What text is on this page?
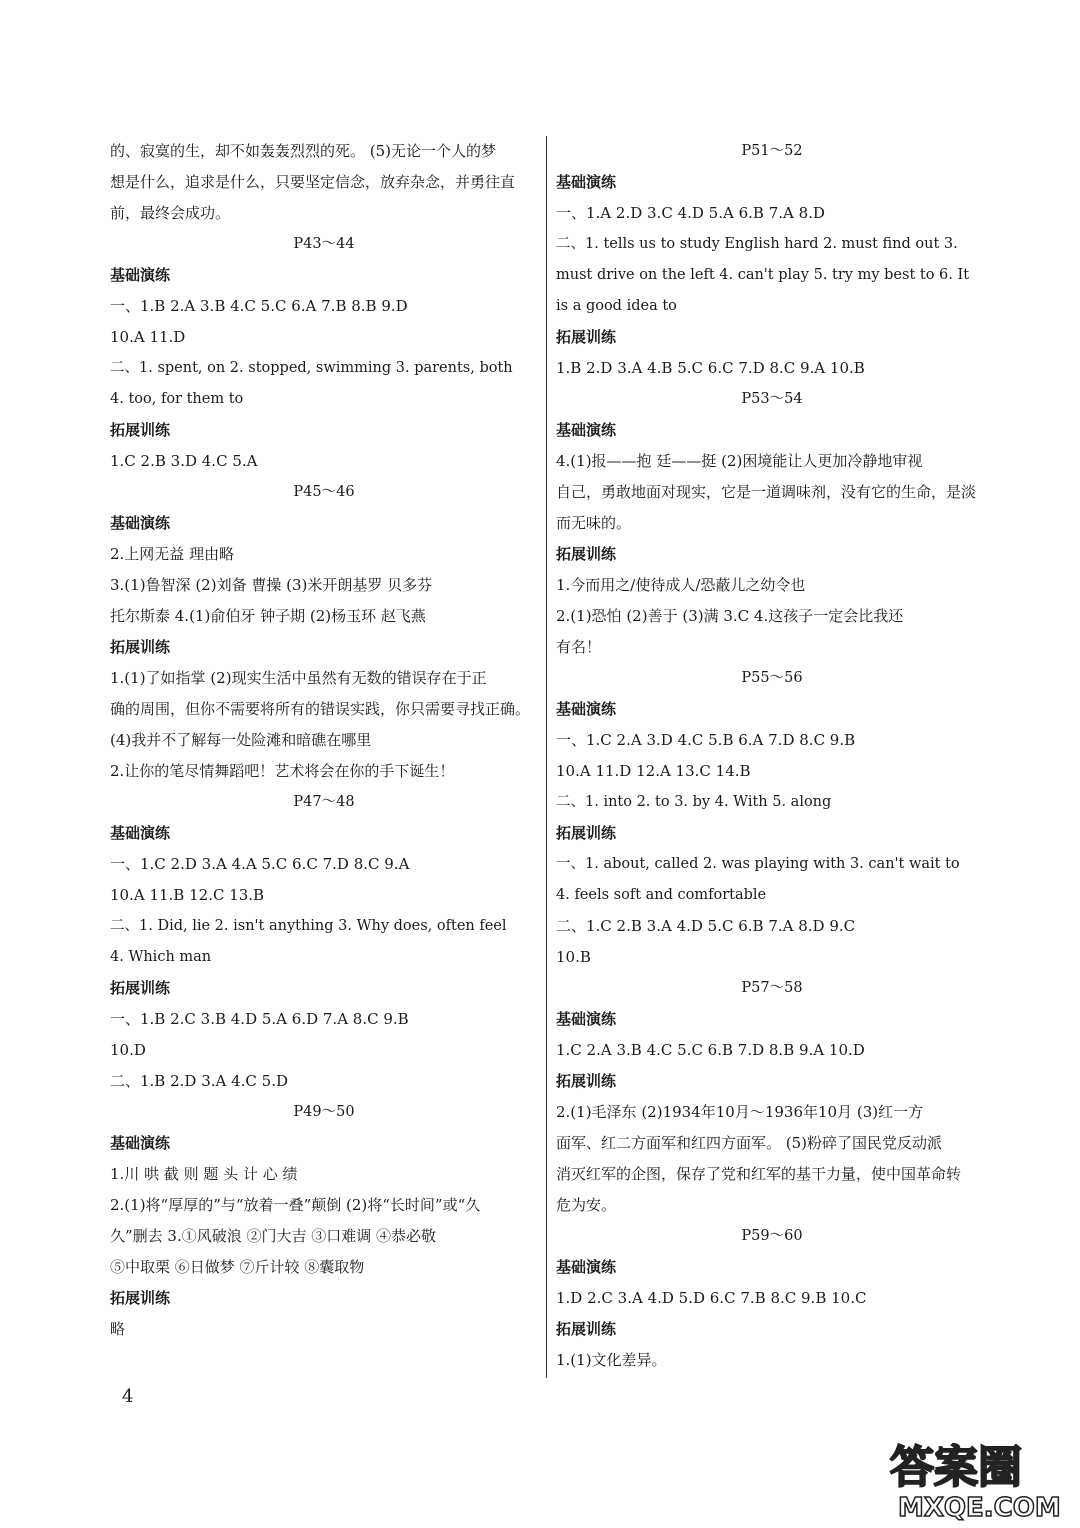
的、寂寞的生，却不如轰轰烈烈的死。 (5)无论一个人的梦
想是什么，追求是什么，只要坚定信念，放弃杂念，并勇往直
前，最终会成功。
P43～44
基础演练
一、1.B 2.A 3.B 4.C 5.C 6.A 7.B 8.B 9.D
10.A 11.D
二、1. spent, on 2. stopped, swimming 3. parents, both
4. too, for them to
拓展训练
1.C 2.B 3.D 4.C 5.A
P45～46
基础演练
2.上网无益 理由略
3.(1)鲁智深 (2)刘备 曹操 (3)米开朗基罗 贝多芬
托尔斯泰 4.(1)俞伯牙 钟子期 (2)杨玉环 赵飞燕
拓展训练
1.(1)了如指掌 (2)现实生活中虽然有无数的错误存在于正
确的周围，但你不需要将所有的错误实践，你只需要寻找正确。
(4)我并不了解每一处险滩和暗礁在哪里
2.让你的笔尽情舞蹈吧！艺术将会在你的手下诞生！
P47～48
基础演练
一、1.C 2.D 3.A 4.A 5.C 6.C 7.D 8.C 9.A
10.A 11.B 12.C 13.B
二、1. Did, lie 2. isn't anything 3. Why does, often feel
4. Which man
拓展训练
一、1.B 2.C 3.B 4.D 5.A 6.D 7.A 8.C 9.B
10.D
二、1.B 2.D 3.A 4.C 5.D
P49～50
基础演练
1.川 哄 截 则 题 头 计 心 绩
2.(1)将“厚厚的”与“放着一叠”颠倒 (2)将“长时间”或“久
久”删去 3.①风破浪 ②门大吉 ③口难调 ④恭必敬
⑤中取栗 ⑥日做梦 ⑦斤计较 ⑧囊取物
拓展训练
略
P51～52
基础演练
一、1.A 2.D 3.C 4.D 5.A 6.B 7.A 8.D
二、1. tells us to study English hard 2. must find out 3.
must drive on the left 4. can't play 5. try my best to 6. It
is a good idea to
拓展训练
1.B 2.D 3.A 4.B 5.C 6.C 7.D 8.C 9.A 10.B
P53～54
基础演练
4.(1)报——抱 廷——挺 (2)困境能让人更加冷静地审视
自己，勇敢地面对现实，它是一道调味剂，没有它的生命，是淡
而无味的。
拓展训练
1.今而用之/使待成人/恐蔽儿之幼令也
2.(1)恐怕 (2)善于 (3)满 3.C 4.这孩子一定会比我还
有名！
P55～56
基础演练
一、1.C 2.A 3.D 4.C 5.B 6.A 7.D 8.C 9.B
10.A 11.D 12.A 13.C 14.B
二、1. into 2. to 3. by 4. With 5. along
拓展训练
一、1. about, called 2. was playing with 3. can't wait to
4. feels soft and comfortable
二、1.C 2.B 3.A 4.D 5.C 6.B 7.A 8.D 9.C
10.B
P57～58
基础演练
1.C 2.A 3.B 4.C 5.C 6.B 7.D 8.B 9.A 10.D
拓展训练
2.(1)毛泽东 (2)1934年10月～1936年10月 (3)红一方
面军、红二方面军和红四方面军。 (5)粉碎了国民党反动派
消灭红军的企图，保存了党和红军的基干力量，使中国革命转
危为安。
P59～60
基础演练
1.D 2.C 3.A 4.D 5.D 6.C 7.B 8.C 9.B 10.C
拓展训练
1.(1)文化差异。
4
答案圈
MXQE.COM
